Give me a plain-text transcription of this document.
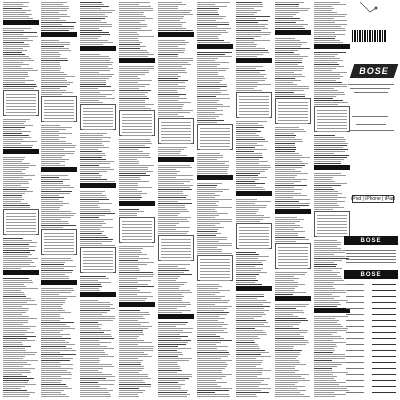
BOSE
iPod | iPhone | iPad
BOSE
BOSE
